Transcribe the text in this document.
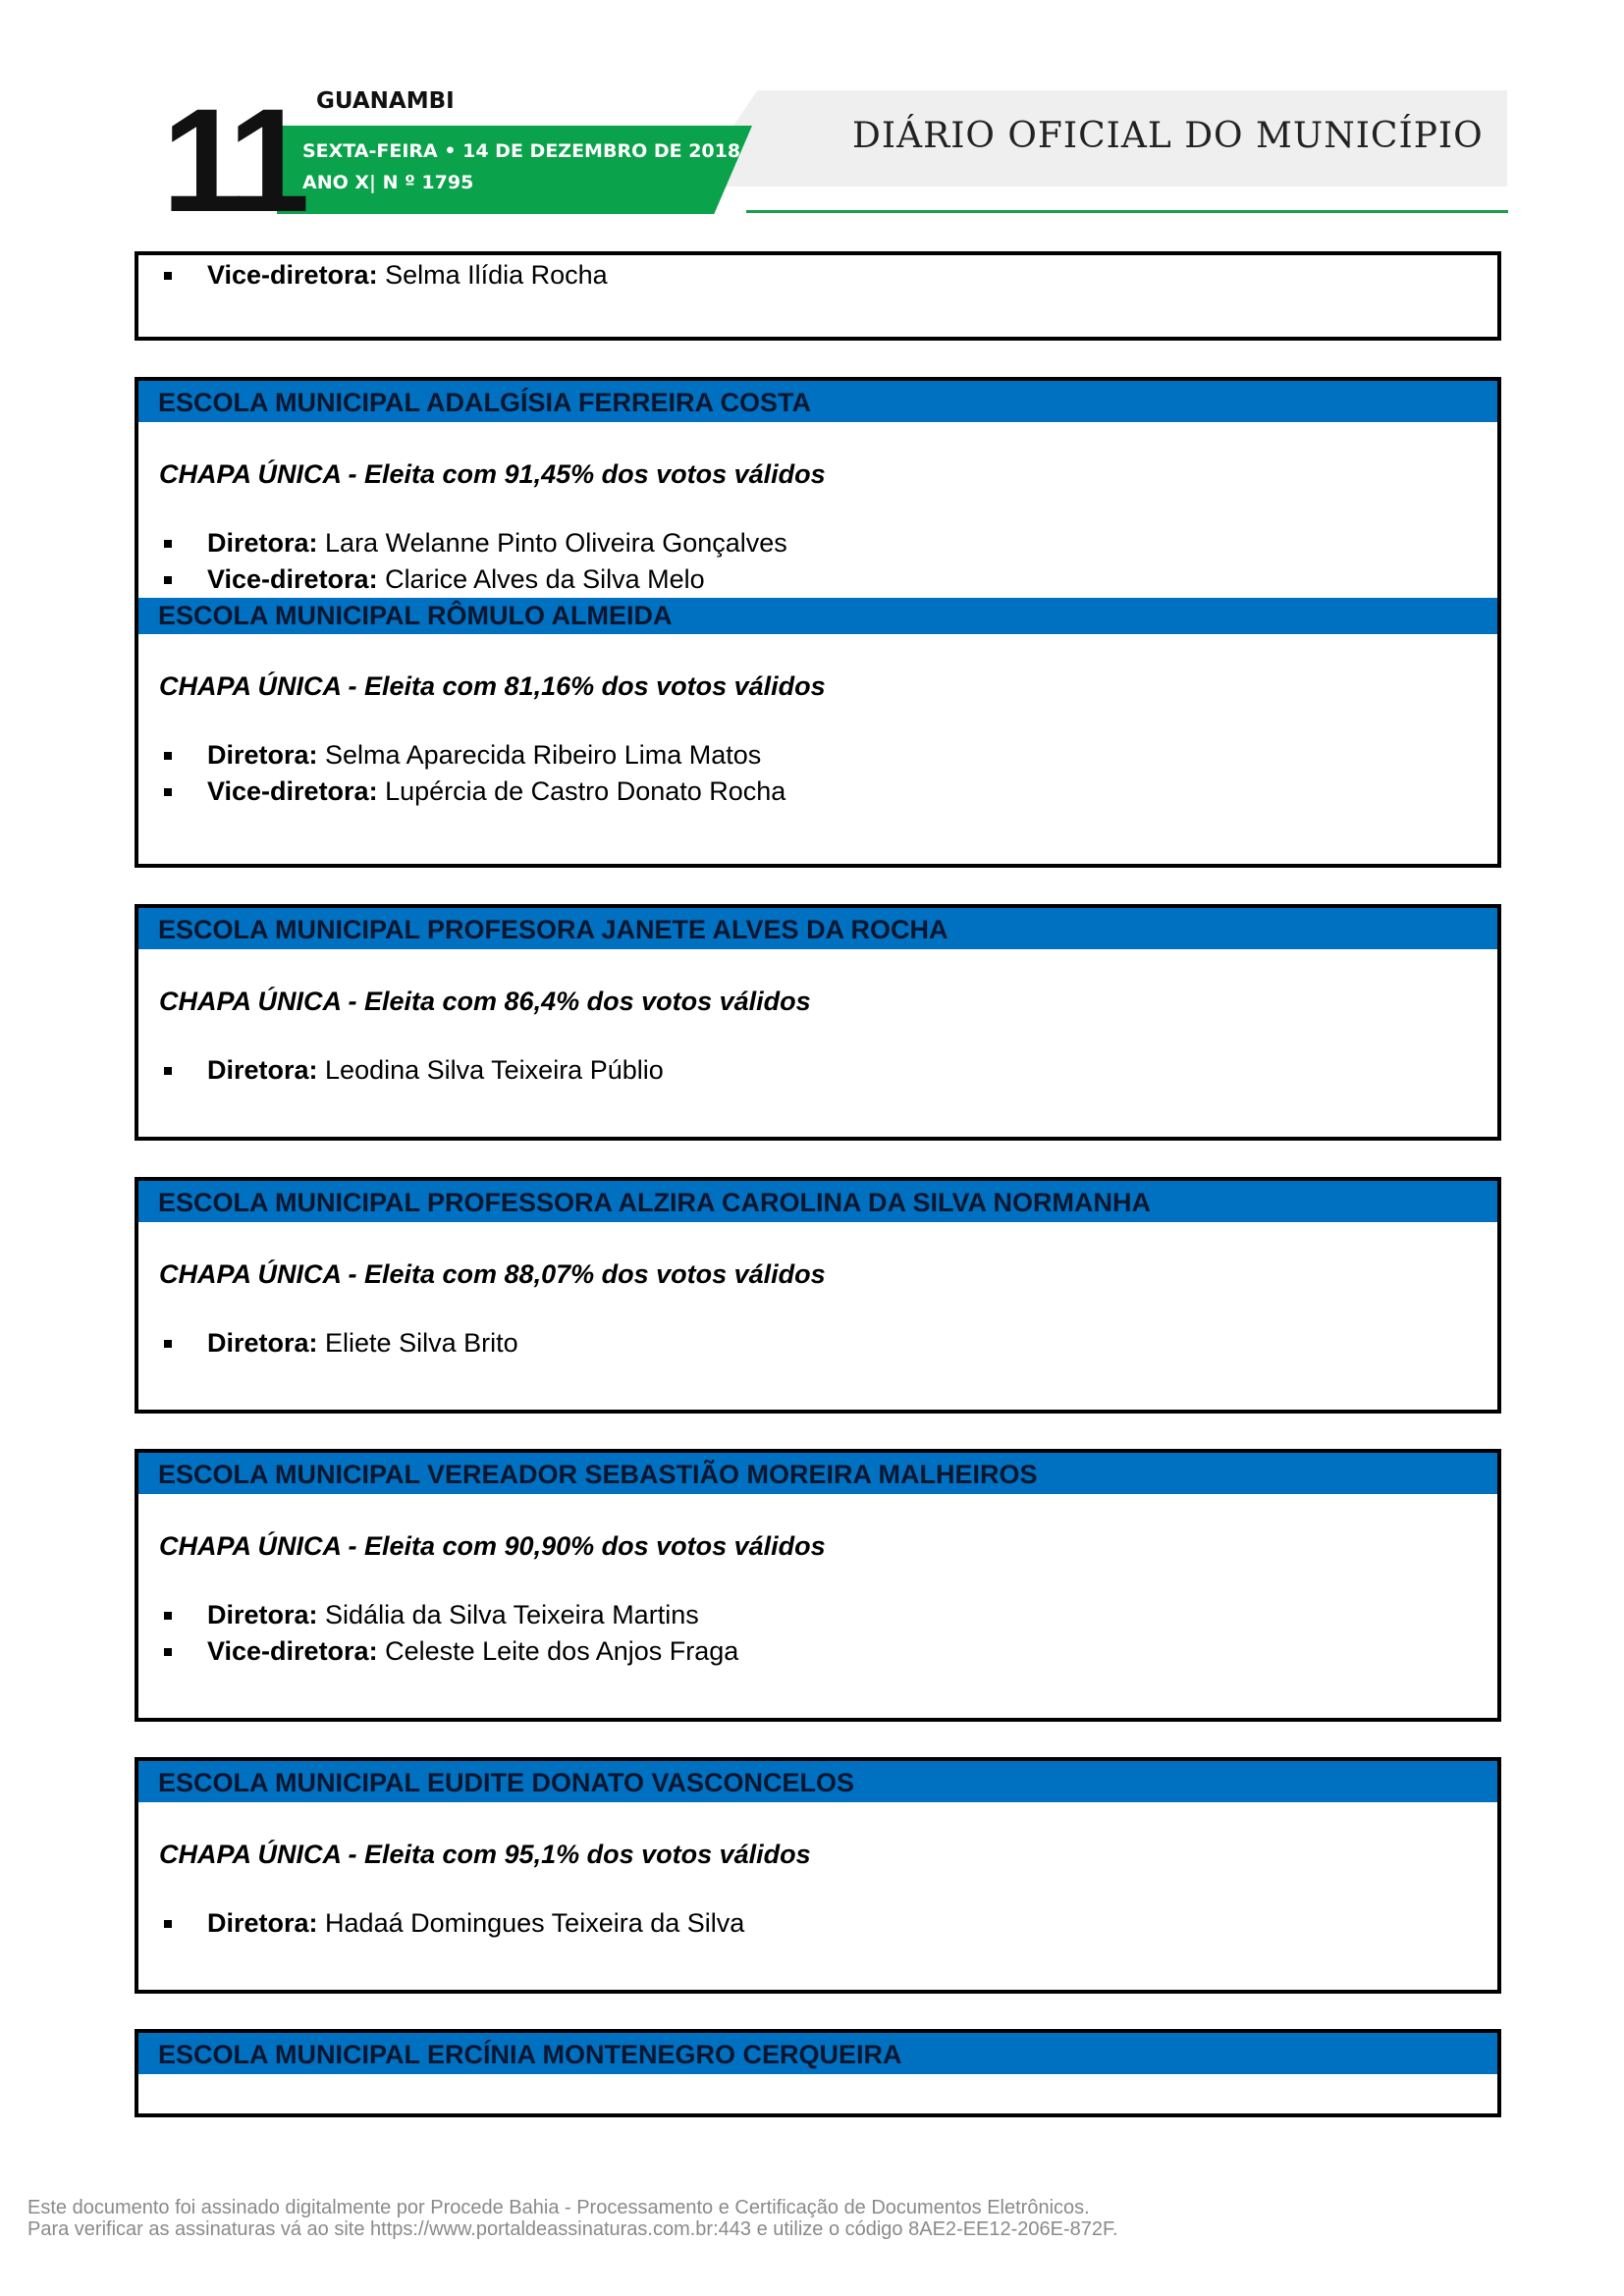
11 GUANAMBI
SEXTA-FEIRA • 14 DE DEZEMBRO DE 2018
ANO X| N º 1795
DIÁRIO OFICIAL DO MUNICÍPIO
Vice-diretora: Selma Ilídia Rocha
ESCOLA MUNICIPAL ADALGÍSIA FERREIRA COSTA
CHAPA ÚNICA - Eleita com 91,45% dos votos válidos
Diretora: Lara Welanne Pinto Oliveira Gonçalves
Vice-diretora: Clarice Alves da Silva Melo
ESCOLA MUNICIPAL RÔMULO ALMEIDA
CHAPA ÚNICA - Eleita com 81,16% dos votos válidos
Diretora: Selma Aparecida Ribeiro Lima Matos
Vice-diretora: Lupércia de Castro Donato Rocha
ESCOLA MUNICIPAL PROFESORA JANETE ALVES DA ROCHA
CHAPA ÚNICA - Eleita com 86,4% dos votos válidos
Diretora: Leodina Silva Teixeira Públio
ESCOLA MUNICIPAL PROFESSORA ALZIRA CAROLINA DA SILVA NORMANHA
CHAPA ÚNICA - Eleita com 88,07% dos votos válidos
Diretora: Eliete Silva Brito
ESCOLA MUNICIPAL VEREADOR SEBASTIÃO MOREIRA MALHEIROS
CHAPA ÚNICA - Eleita com 90,90% dos votos válidos
Diretora: Sidália da Silva Teixeira Martins
Vice-diretora: Celeste Leite dos Anjos Fraga
ESCOLA MUNICIPAL EUDITE DONATO VASCONCELOS
CHAPA ÚNICA - Eleita com 95,1% dos votos válidos
Diretora: Hadaá Domingues Teixeira da Silva
ESCOLA MUNICIPAL ERCÍNIA MONTENEGRO CERQUEIRA
Este documento foi assinado digitalmente por Procede Bahia - Processamento e Certificação de Documentos Eletrônicos.
Para verificar as assinaturas vá ao site https://www.portaldeassinaturas.com.br:443 e utilize o código 8AE2-EE12-206E-872F.
